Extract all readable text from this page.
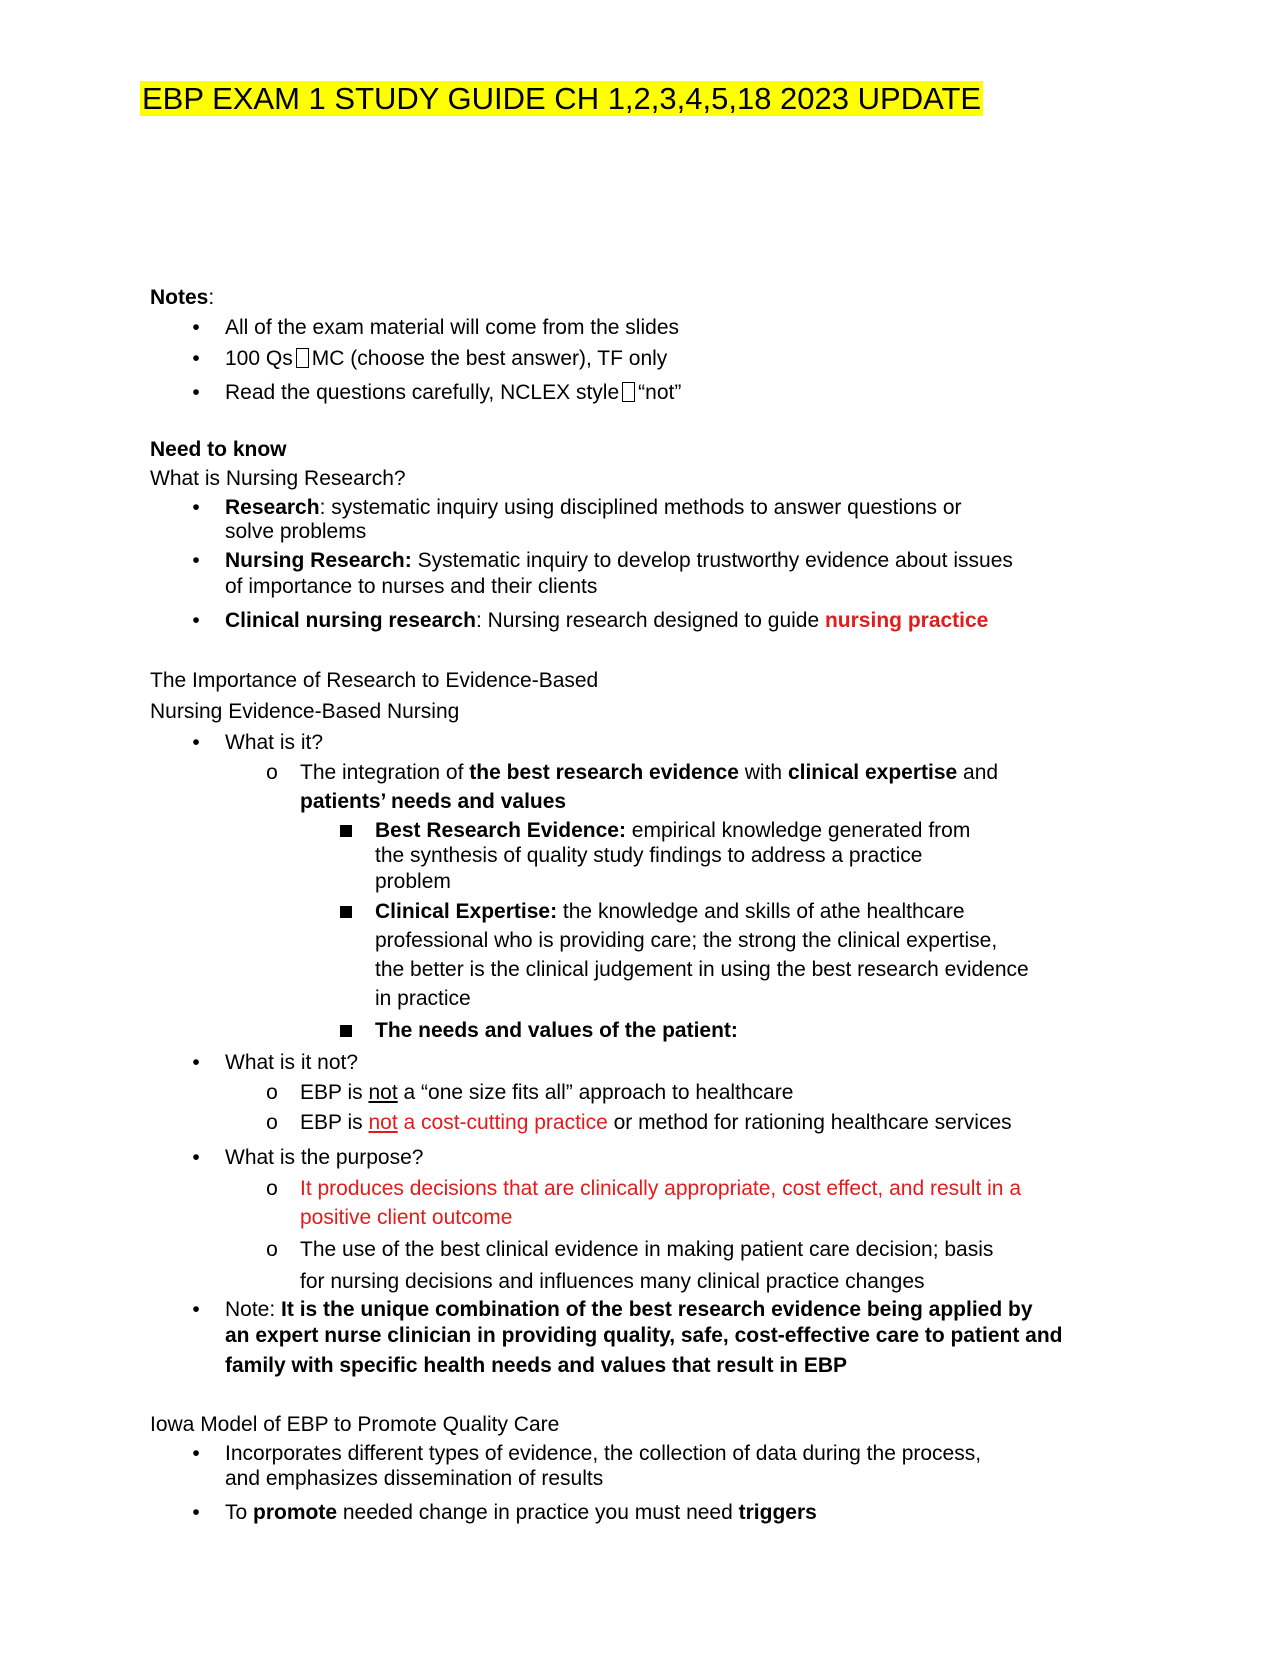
EBP EXAM 1 STUDY GUIDE CH 1,2,3,4,5,18 2023 UPDATE

Notes:

• All of the exam material will come from the slides

• 100 Qs MC (choose the best answer), TF only

• Read the questions carefully, NCLEX style “not”

Need to know

What is Nursing Research?

• Research: systematic inquiry using disciplined methods to answer questions or

solve problems

• Nursing Research: Systematic inquiry to develop trustworthy evidence about issues

of importance to nurses and their clients

• Clinical nursing research: Nursing research designed to guide nursing practice

The Importance of Research to Evidence-Based

Nursing Evidence-Based Nursing

• What is it?

o The integration of the best research evidence with clinical expertise and

patients’ needs and values

Best Research Evidence: empirical knowledge generated from

the synthesis of quality study findings to address a practice

problem

Clinical Expertise: the knowledge and skills of athe healthcare

professional who is providing care; the strong the clinical expertise,

the better is the clinical judgement in using the best research evidence

in practice

The needs and values of the patient:

• What is it not?

o EBP is not a “one size fits all” approach to healthcare

o EBP is not a cost-cutting practice or method for rationing healthcare services

• What is the purpose?

o It produces decisions that are clinically appropriate, cost effect, and result in a

positive client outcome

o The use of the best clinical evidence in making patient care decision; basis

for nursing decisions and influences many clinical practice changes

• Note: It is the unique combination of the best research evidence being applied by

an expert nurse clinician in providing quality, safe, cost-effective care to patient and

family with specific health needs and values that result in EBP

Iowa Model of EBP to Promote Quality Care

• Incorporates different types of evidence, the collection of data during the process,

and emphasizes dissemination of results

• To promote needed change in practice you must need triggers
